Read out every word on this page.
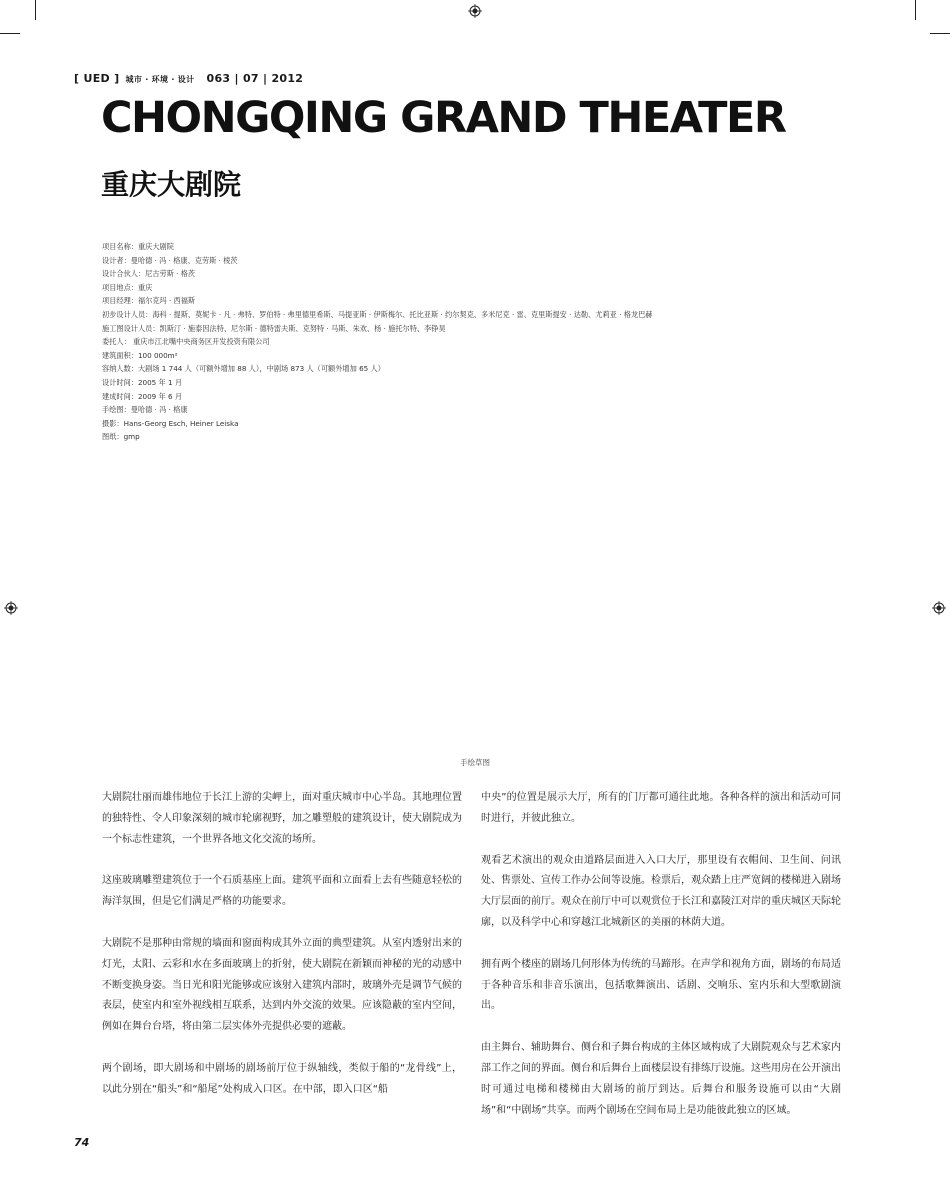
[ UED ] 城市 · 环境 · 设计 063 | 07 | 2012
CHONGQING GRAND THEATER
重庆大剧院
项目名称：重庆大剧院
设计者：曼哈德 · 冯 · 格康、克劳斯 · 棱茨
设计合伙人：尼古劳斯 · 格茨
项目地点：重庆
项目经理：福尔克玛 · 西福斯
初步设计人员：海科 · 提斯、莫妮卡 · 凡 · 弗特、罗伯特 · 弗里德里希斯、马提亚斯 · 伊斯梅尔、托比亚斯 · 约尔契克、多米尼克 · 雷、克里斯提安 · 达勒、尤莉亚 · 格龙巴赫
施工图设计人员：凯斯汀 · 施泰因法特、尼尔斯 · 德特雷夫斯、克努特 · 马斯、朱欢、杨 · 施托尔特、李铮昊
委托人： 重庆市江北嘴中央商务区开发投资有限公司
建筑面积：100 000m²
容纳人数：大剧场 1 744 人（可额外增加 88 人），中剧场 873 人（可额外增加 65 人）
设计时间：2005 年 1 月
建成时间：2009 年 6 月
手绘图：曼哈德 · 冯 · 格康
摄影：Hans-Georg Esch, Heiner Leiska
图纸：gmp
手绘草图

大剧院壮丽而雄伟地位于长江上游的尖岬上，面对重庆城市中心半岛。其地理位置的独特性、令人印象深刻的城市轮廓视野，加之雕塑般的建筑设计，使大剧院成为一个标志性建筑，一个世界各地文化交流的场所。

这座玻璃雕塑建筑位于一个石质基座上面。建筑平面和立面看上去有些随意轻松的海洋氛围，但是它们满足严格的功能要求。

大剧院不是那种由常规的墙面和窗面构成其外立面的典型建筑。从室内透射出来的灯光，太阳、云彩和水在多面玻璃上的折射，使大剧院在新颖而神秘的光的动感中不断变换身姿。当日光和阳光能够或应该射入建筑内部时，玻璃外壳是调节气候的表层，使室内和室外视线相互联系，达到内外交流的效果。应该隐蔽的室内空间，例如在舞台台塔，将由第二层实体外壳提供必要的遮蔽。

两个剧场，即大剧场和中剧场的剧场前厅位于纵轴线，类似于船的“龙骨线”上，以此分别在“船头”和“船尾”处构成入口区。在中部，即入口区“船

中央”的位置是展示大厅，所有的门厅都可通往此地。各种各样的演出和活动可同时进行，并彼此独立。

观看艺术演出的观众由道路层面进入入口大厅，那里设有衣帽间、卫生间、问讯处、售票处、宣传工作办公间等设施。检票后，观众踏上庄严宽阔的楼梯进入剧场大厅层面的前厅。观众在前厅中可以观赏位于长江和嘉陵江对岸的重庆城区天际轮廓，以及科学中心和穿越江北城新区的美丽的林荫大道。

拥有两个楼座的剧场几何形体为传统的马蹄形。在声学和视角方面，剧场的布局适于各种音乐和非音乐演出，包括歌舞演出、话剧、交响乐、室内乐和大型歌剧演出。

由主舞台、辅助舞台、侧台和子舞台构成的主体区域构成了大剧院观众与艺术家内部工作之间的界面。侧台和后舞台上面楼层设有排练厅设施。这些用房在公开演出时可通过电梯和楼梯由大剧场的前厅到达。后舞台和服务设施可以由“大剧场”和“中剧场”共享。而两个剧场在空间布局上是功能彼此独立的区域。

74
